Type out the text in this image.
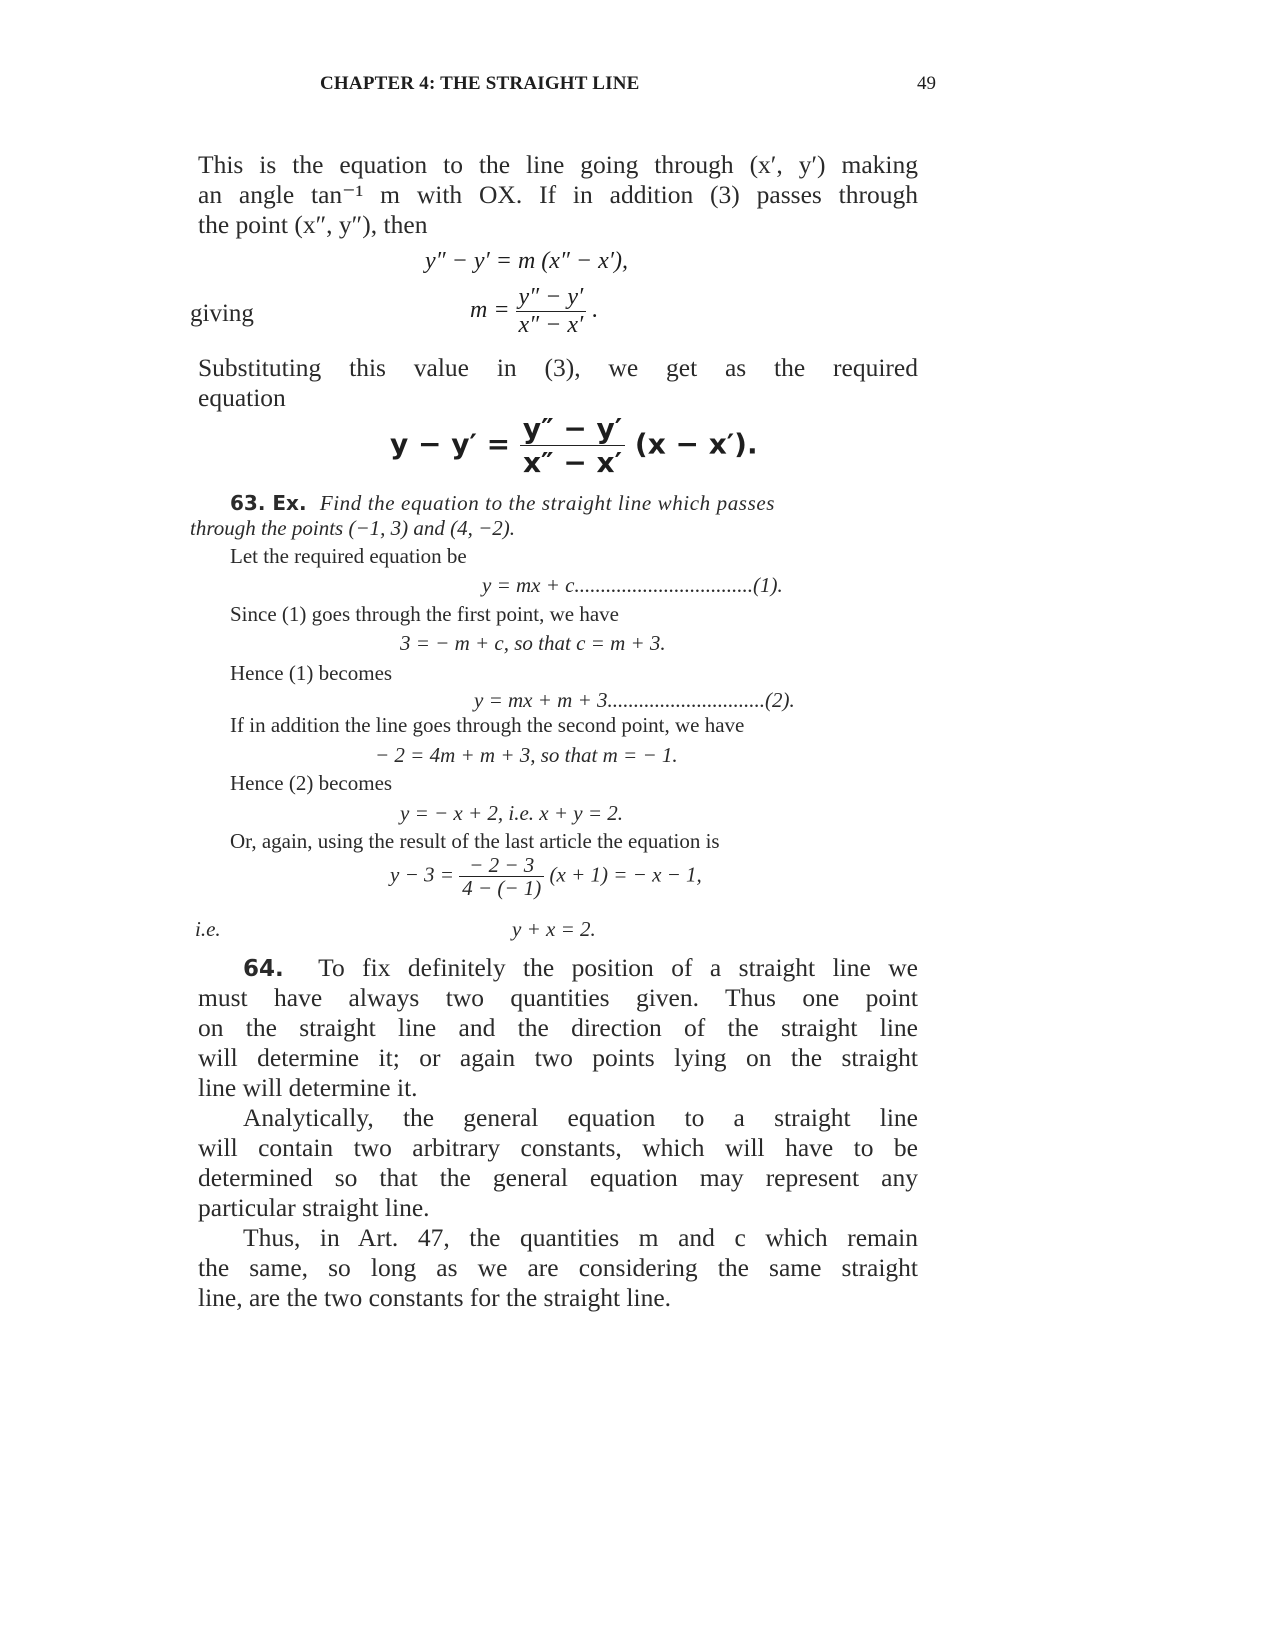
CHAPTER 4: THE STRAIGHT LINE	49
This is the equation to the line going through (x′, y′) making
an angle tan⁻¹ m with OX. If in addition (3) passes through
the point (x″, y″), then
y″ − y′ = m (x″ − x′),
giving	$m = \frac{y'' - y'}{x'' - x'}$ .
Substituting this value in (3), we get as the required
equation
$y - y' = \frac{y'' - y'}{x'' - x'} (x - x')$.
63. Ex. Find the equation to the straight line which passes
through the points (−1, 3) and (4, −2).
Let the required equation be
y = mx + c..................................(1).
Since (1) goes through the first point, we have
3 = − m + c, so that c = m + 3.
Hence (1) becomes
y = mx + m + 3..............................(2).
If in addition the line goes through the second point, we have
− 2 = 4m + m + 3, so that m = − 1.
Hence (2) becomes
y = − x + 2, i.e. x + y = 2.
Or, again, using the result of the last article the equation is
$y - 3 = \frac{- 2 - 3}{4 - (- 1)} (x + 1)$ = − x − 1,
i.e.	y + x = 2.
64. To fix definitely the position of a straight line we
must have always two quantities given. Thus one point
on the straight line and the direction of the straight line
will determine it; or again two points lying on the straight
line will determine it.
Analytically, the general equation to a straight line
will contain two arbitrary constants, which will have to be
determined so that the general equation may represent any
particular straight line.
Thus, in Art. 47, the quantities m and c which remain
the same, so long as we are considering the same straight
line, are the two constants for the straight line.
